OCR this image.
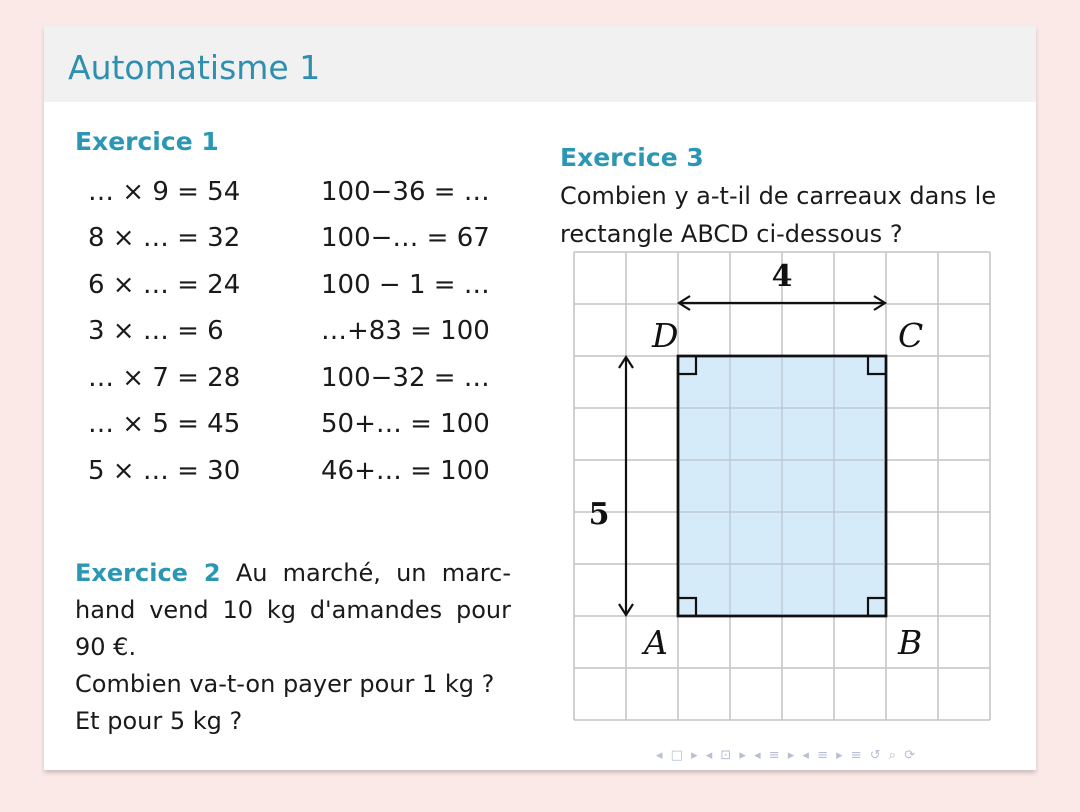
Automatisme 1
Exercice 1
… × 9 = 54
8 × … = 32
6 × … = 24
3 × … = 6
… × 7 = 28
… × 5 = 45
5 × … = 30
100−36 = …
100−… = 67
100 − 1 = …
…+83 = 100
100−32 = …
50+… = 100
46+… = 100
Exercice 2 Au marché, un marc-
hand vend 10 kg d'amandes pour
90 €.
Combien va-t-on payer pour 1 kg ?
Et pour 5 kg ?
Exercice 3
Combien y a-t-il de carreaux dans le
rectangle ABCD ci-dessous ?
4
5
D	C
A	B
◂ □ ▸ ◂ ⊡ ▸ ◂ ≡ ▸ ◂ ≡ ▸ ≡ ↺ ⌕ ⟳
